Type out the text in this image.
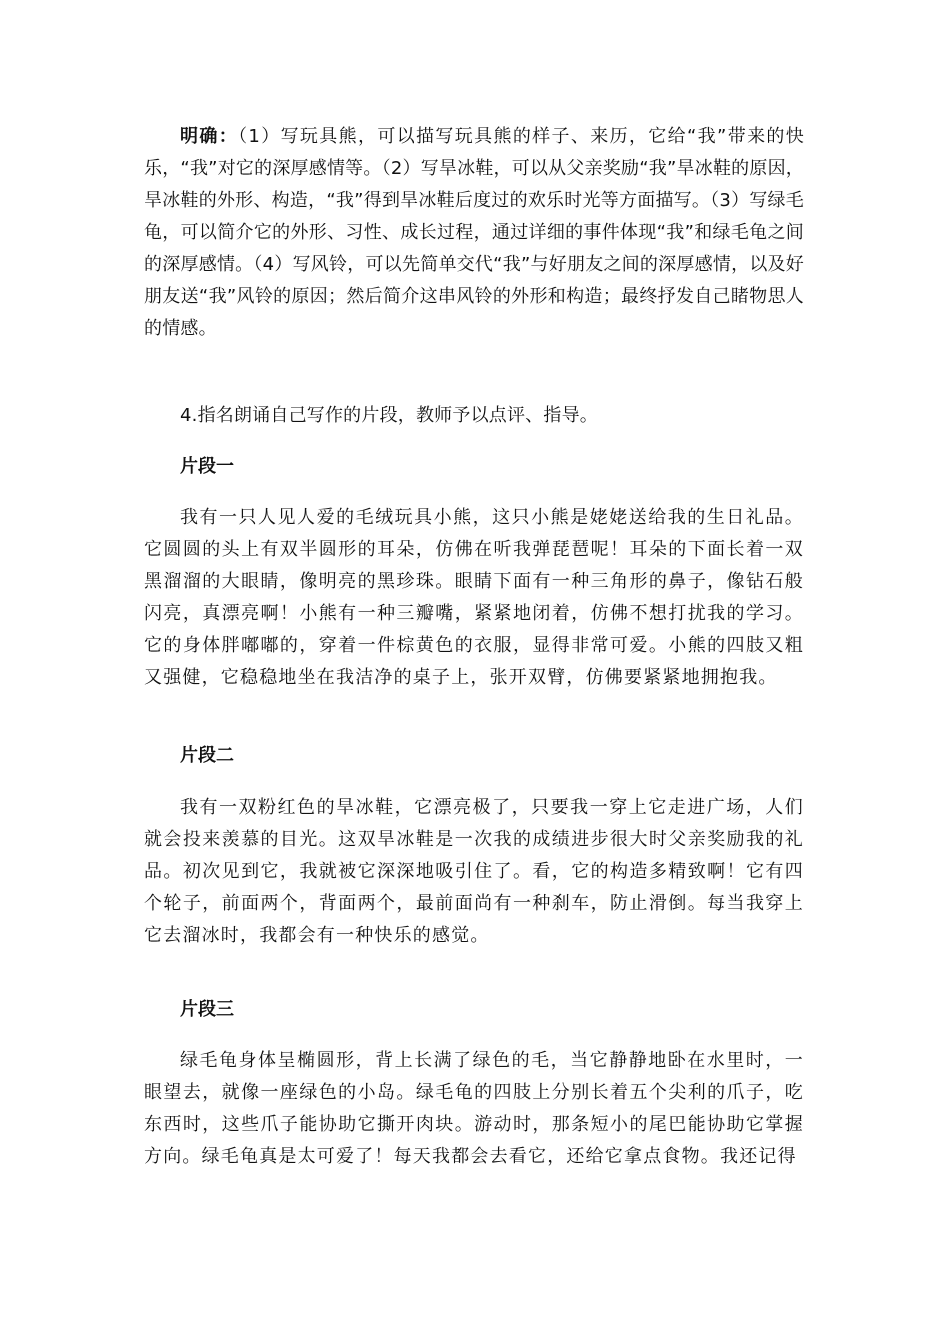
明确：（1）写玩具熊，可以描写玩具熊的样子、来历，它给“我”带来的快乐，“我”对它的深厚感情等。（2）写旱冰鞋，可以从父亲奖励“我”旱冰鞋的原因，旱冰鞋的外形、构造，“我”得到旱冰鞋后度过的欢乐时光等方面描写。（3）写绿毛龟，可以简介它的外形、习性、成长过程，通过详细的事件体现“我”和绿毛龟之间的深厚感情。（4）写风铃，可以先简单交代“我”与好朋友之间的深厚感情，以及好朋友送“我”风铃的原因；然后简介这串风铃的外形和构造；最终抒发自己睹物思人的情感。

4.指名朗诵自己写作的片段，教师予以点评、指导。

片段一

我有一只人见人爱的毛绒玩具小熊，这只小熊是姥姥送给我的生日礼品。它圆圆的头上有双半圆形的耳朵，仿佛在听我弹琵琶呢！耳朵的下面长着一双黑溜溜的大眼睛，像明亮的黑珍珠。眼睛下面有一种三角形的鼻子，像钻石般闪亮，真漂亮啊！小熊有一种三瓣嘴，紧紧地闭着，仿佛不想打扰我的学习。它的身体胖嘟嘟的，穿着一件棕黄色的衣服，显得非常可爱。小熊的四肢又粗又强健，它稳稳地坐在我洁净的桌子上，张开双臂，仿佛要紧紧地拥抱我。

片段二

我有一双粉红色的旱冰鞋，它漂亮极了，只要我一穿上它走进广场，人们就会投来羡慕的目光。这双旱冰鞋是一次我的成绩进步很大时父亲奖励我的礼品。初次见到它，我就被它深深地吸引住了。看，它的构造多精致啊！它有四个轮子，前面两个，背面两个，最前面尚有一种刹车，防止滑倒。每当我穿上它去溜冰时，我都会有一种快乐的感觉。

片段三

绿毛龟身体呈椭圆形，背上长满了绿色的毛，当它静静地卧在水里时，一眼望去，就像一座绿色的小岛。绿毛龟的四肢上分别长着五个尖利的爪子，吃东西时，这些爪子能协助它撕开肉块。游动时，那条短小的尾巴能协助它掌握方向。绿毛龟真是太可爱了！每天我都会去看它，还给它拿点食物。我还记得
